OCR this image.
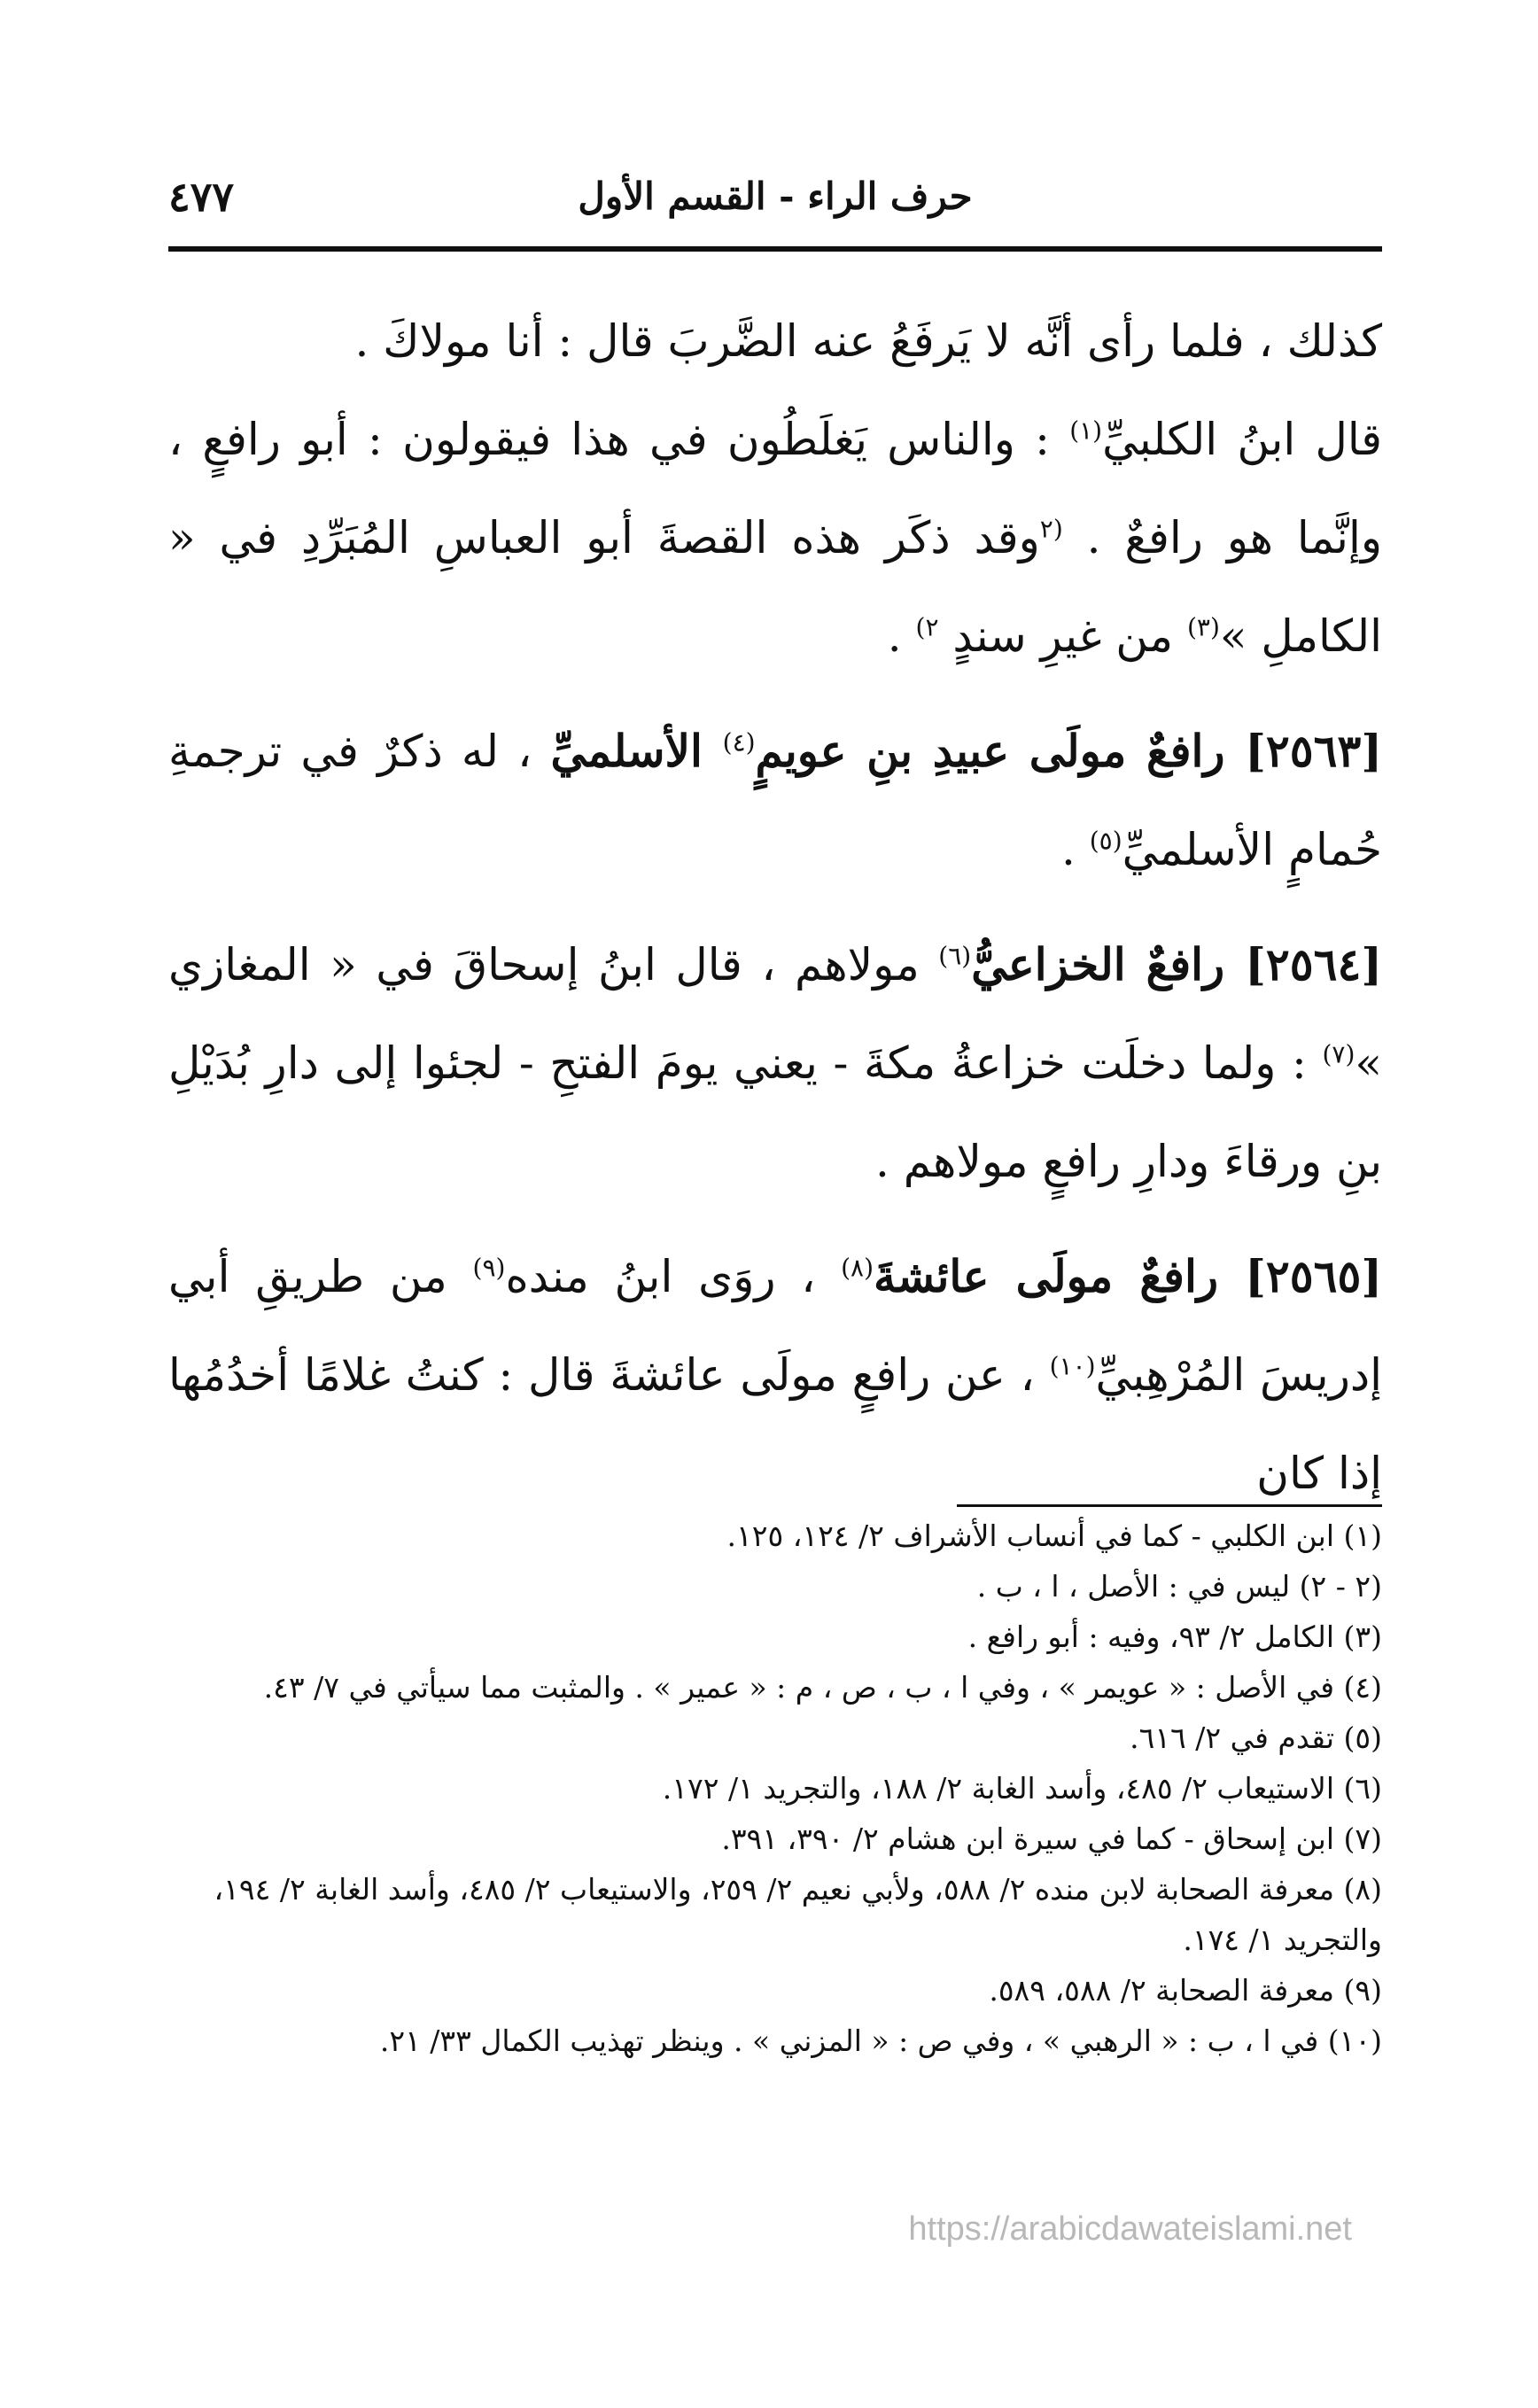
٤٧٧	حرف الراء - القسم الأول

كذلك ، فلما رأى أنَّه لا يَرفَعُ عنه الضَّربَ قال : أنا مولاكَ .

قال ابنُ الكلبيِّ$^{(١)}$ : والناس يَغلَطُون في هذا فيقولون : أبو رافعٍ ، وإنَّما هو رافعٌ . $^{(٢}$وقد ذكَر هذه القصةَ أبو العباسِ المُبَرِّدِ في « الكاملِ »$^{(٣)}$ من غيرِ سندٍ $^{٢)}$ .

[٢٥٦٣] رافعٌ مولَى عبيدِ بنِ عويمٍ$^{(٤)}$ الأسلميِّ ، له ذكرٌ في ترجمةِ حُمامٍ الأسلميِّ$^{(٥)}$ .

[٢٥٦٤] رافعٌ الخزاعيُّ$^{(٦)}$ مولاهم ، قال ابنُ إسحاقَ في « المغازي »$^{(٧)}$ : ولما دخلَت خزاعةُ مكةَ - يعني يومَ الفتحِ - لجئوا إلى دارِ بُدَيْلِ بنِ ورقاءَ ودارِ رافعٍ مولاهم .

[٢٥٦٥] رافعٌ مولَى عائشةَ$^{(٨)}$ ، روَى ابنُ منده$^{(٩)}$ من طريقِ أبي إدريسَ المُرْهِبيِّ$^{(١٠)}$ ، عن رافعٍ مولَى عائشةَ قال : كنتُ غلامًا أخدُمُها إذا كان

(١) ابن الكلبي - كما في أنساب الأشراف ٢/ ١٢٤، ١٢٥.

(٢ - ٢) ليس في : الأصل ، ا ، ب .

(٣) الكامل ٢/ ٩٣، وفيه : أبو رافع .

(٤) في الأصل : « عويمر » ، وفي ا ، ب ، ص ، م : « عمير » . والمثبت مما سيأتي في ٧/ ٤٣.

(٥) تقدم في ٢/ ٦١٦.

(٦) الاستيعاب ٢/ ٤٨٥، وأسد الغابة ٢/ ١٨٨، والتجريد ١/ ١٧٢.

(٧) ابن إسحاق - كما في سيرة ابن هشام ٢/ ٣٩٠، ٣٩١.

(٨) معرفة الصحابة لابن منده ٢/ ٥٨٨، ولأبي نعيم ٢/ ٢٥٩، والاستيعاب ٢/ ٤٨٥، وأسد الغابة ٢/ ١٩٤، والتجريد ١/ ١٧٤.

(٩) معرفة الصحابة ٢/ ٥٨٨، ٥٨٩.

(١٠) في ا ، ب : « الرهبي » ، وفي ص : « المزني » . وينظر تهذيب الكمال ٣٣/ ٢١.

https://arabicdawateislami.net
